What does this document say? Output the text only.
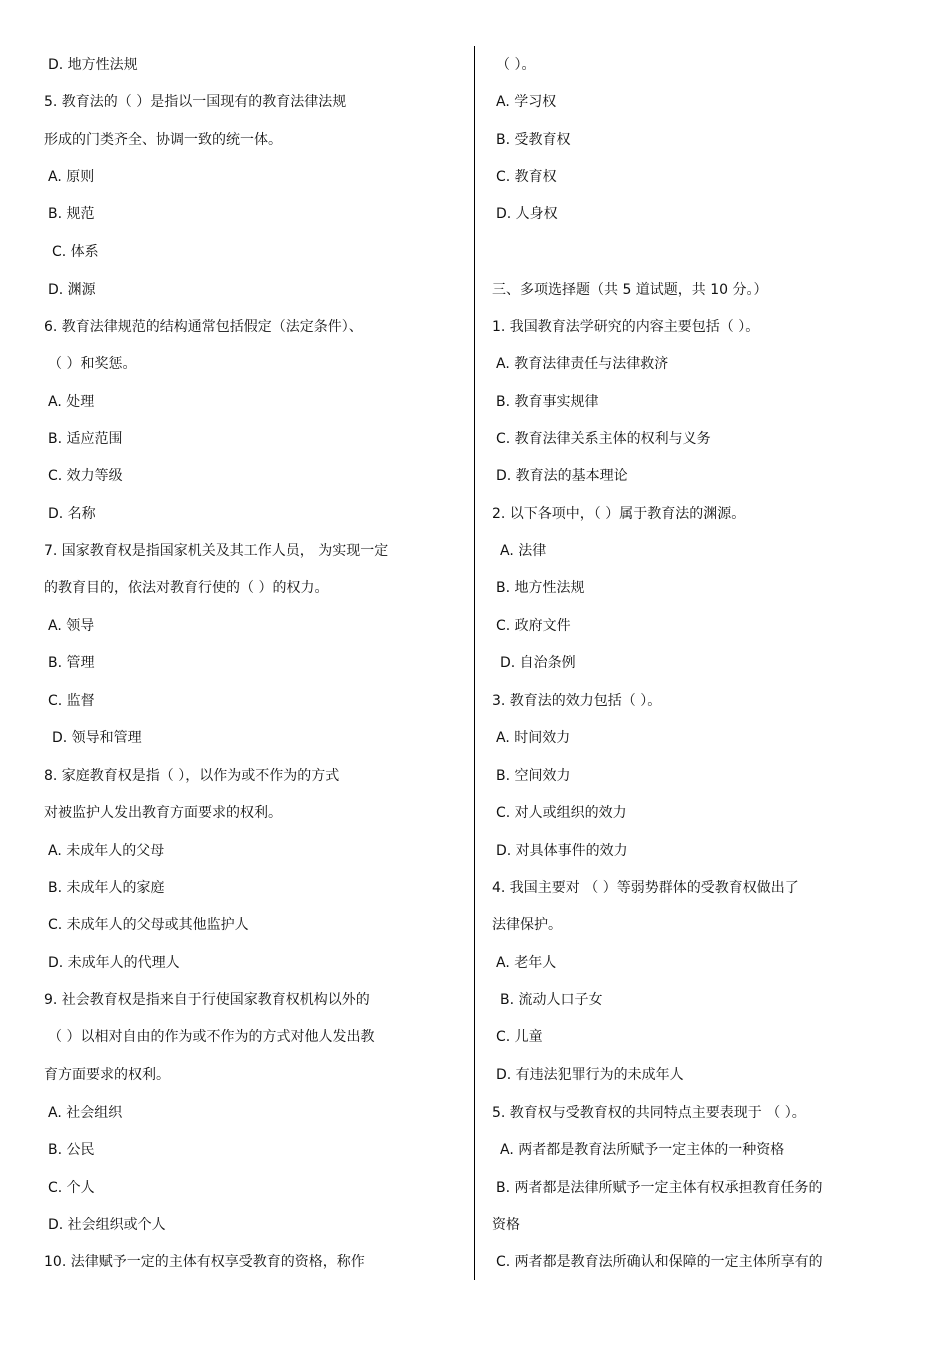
D. 地方性法规
5. 教育法的（ ）是指以一国现有的教育法律法规
形成的门类齐全、协调一致的统一体。
A. 原则
B. 规范
C. 体系
D. 渊源
6. 教育法律规范的结构通常包括假定（法定条件）、
（ ）和奖惩。
A. 处理
B. 适应范围
C. 效力等级
D. 名称
7. 国家教育权是指国家机关及其工作人员， 为实现一定
的教育目的，依法对教育行使的（ ）的权力。
A. 领导
B. 管理
C. 监督
D. 领导和管理
8. 家庭教育权是指（ ），以作为或不作为的方式
对被监护人发出教育方面要求的权利。
A. 未成年人的父母
B. 未成年人的家庭
C. 未成年人的父母或其他监护人
D. 未成年人的代理人
9. 社会教育权是指来自于行使国家教育权机构以外的
（ ）以相对自由的作为或不作为的方式对他人发出教
育方面要求的权利。
A. 社会组织
B. 公民
C. 个人
D. 社会组织或个人
10. 法律赋予一定的主体有权享受教育的资格，称作
（ ）。
A. 学习权
B. 受教育权
C. 教育权
D. 人身权
三、多项选择题（共 5 道试题，共 10 分。）
1. 我国教育法学研究的内容主要包括（ ）。
A. 教育法律责任与法律救济
B. 教育事实规律
C. 教育法律关系主体的权利与义务
D. 教育法的基本理论
2. 以下各项中，（ ）属于教育法的渊源。
A. 法律
B. 地方性法规
C. 政府文件
D. 自治条例
3. 教育法的效力包括（ ）。
A. 时间效力
B. 空间效力
C. 对人或组织的效力
D. 对具体事件的效力
4. 我国主要对 （ ）等弱势群体的受教育权做出了
法律保护。
A. 老年人
B. 流动人口子女
C. 儿童
D. 有违法犯罪行为的未成年人
5. 教育权与受教育权的共同特点主要表现于 （ ）。
A. 两者都是教育法所赋予一定主体的一种资格
B. 两者都是法律所赋予一定主体有权承担教育任务的
资格
C. 两者都是教育法所确认和保障的一定主体所享有的
